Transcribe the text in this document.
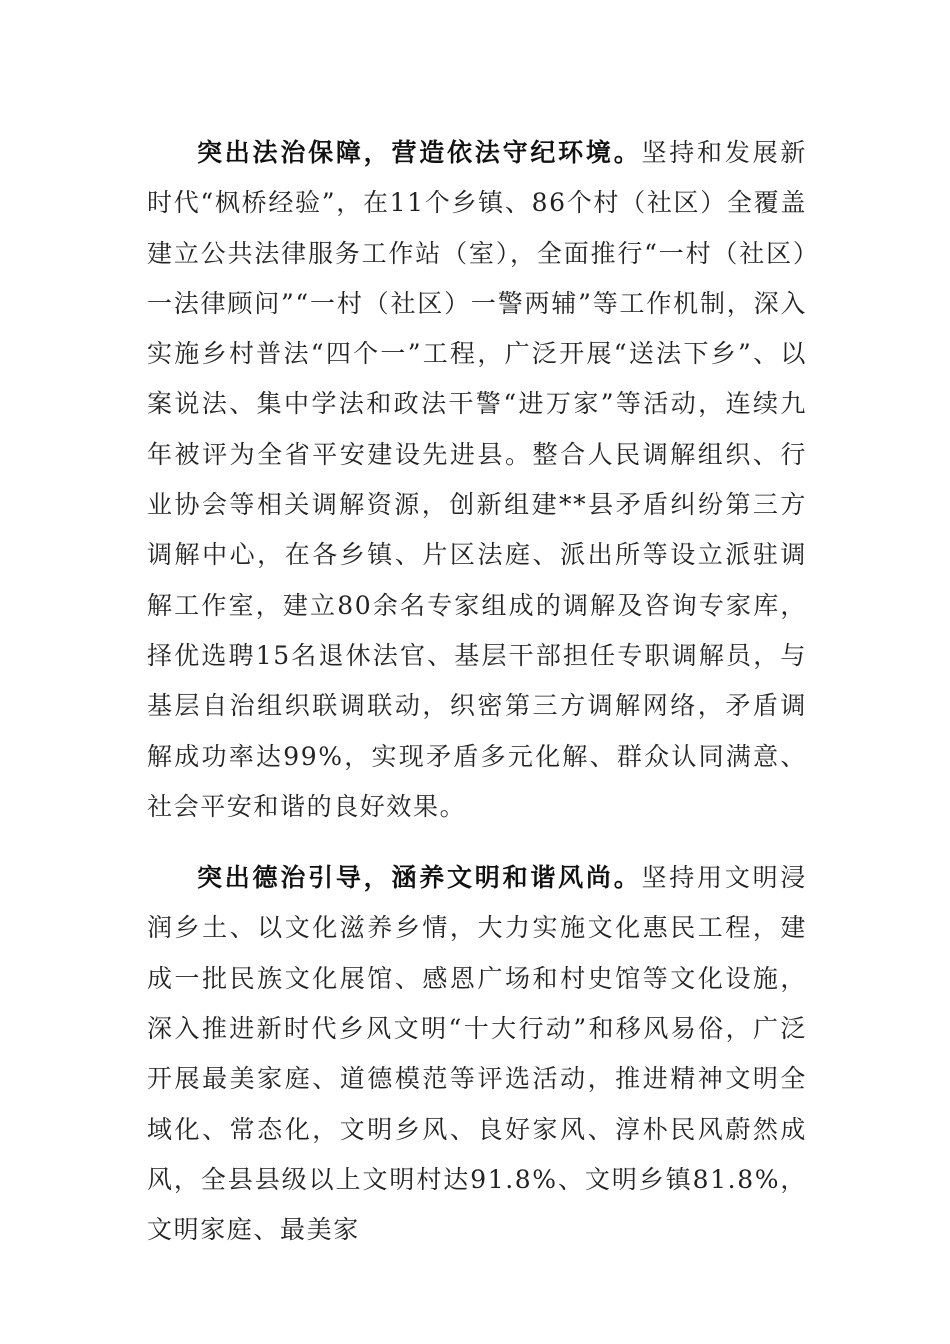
突出法治保障，营造依法守纪环境。坚持和发展新时代“枫桥经验”，在11个乡镇、86个村（社区）全覆盖建立公共法律服务工作站（室），全面推行“一村（社区）一法律顾问”“一村（社区）一警两辅”等工作机制，深入实施乡村普法“四个一”工程，广泛开展“送法下乡”、以案说法、集中学法和政法干警“进万家”等活动，连续九年被评为全省平安建设先进县。整合人民调解组织、行业协会等相关调解资源，创新组建**县矛盾纠纷第三方调解中心，在各乡镇、片区法庭、派出所等设立派驻调解工作室，建立80余名专家组成的调解及咨询专家库，择优选聘15名退休法官、基层干部担任专职调解员，与基层自治组织联调联动，织密第三方调解网络，矛盾调解成功率达99%，实现矛盾多元化解、群众认同满意、社会平安和谐的良好效果。

突出德治引导，涵养文明和谐风尚。坚持用文明浸润乡土、以文化滋养乡情，大力实施文化惠民工程，建成一批民族文化展馆、感恩广场和村史馆等文化设施，深入推进新时代乡风文明“十大行动”和移风易俗，广泛开展最美家庭、道德模范等评选活动，推进精神文明全域化、常态化，文明乡风、良好家风、淳朴民风蔚然成风，全县县级以上文明村达91.8%、文明乡镇81.8%，文明家庭、最美家
